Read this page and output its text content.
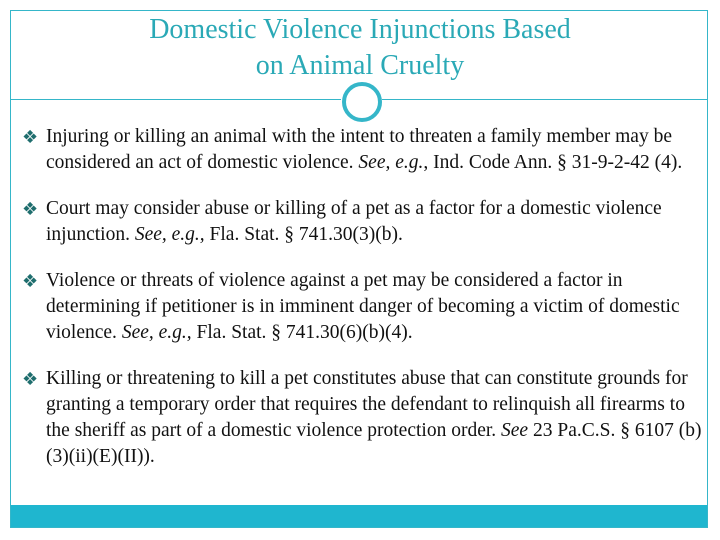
Domestic Violence Injunctions Based
on Animal Cruelty
❖ Injuring or killing an animal with the intent to threaten a family member may be considered an act of domestic violence. See, e.g., Ind. Code Ann. § 31-9-2-42 (4).
❖ Court may consider abuse or killing of a pet as a factor for a domestic violence injunction. See, e.g., Fla. Stat. § 741.30(3)(b).
❖ Violence or threats of violence against a pet may be considered a factor in determining if petitioner is in imminent danger of becoming a victim of domestic violence. See, e.g., Fla. Stat. § 741.30(6)(b)(4).
❖ Killing or threatening to kill a pet constitutes abuse that can constitute grounds for granting a temporary order that requires the defendant to relinquish all firearms to the sheriff as part of a domestic violence protection order. See 23 Pa.C.S. § 6107 (b)(3)(ii)(E)(II)).
